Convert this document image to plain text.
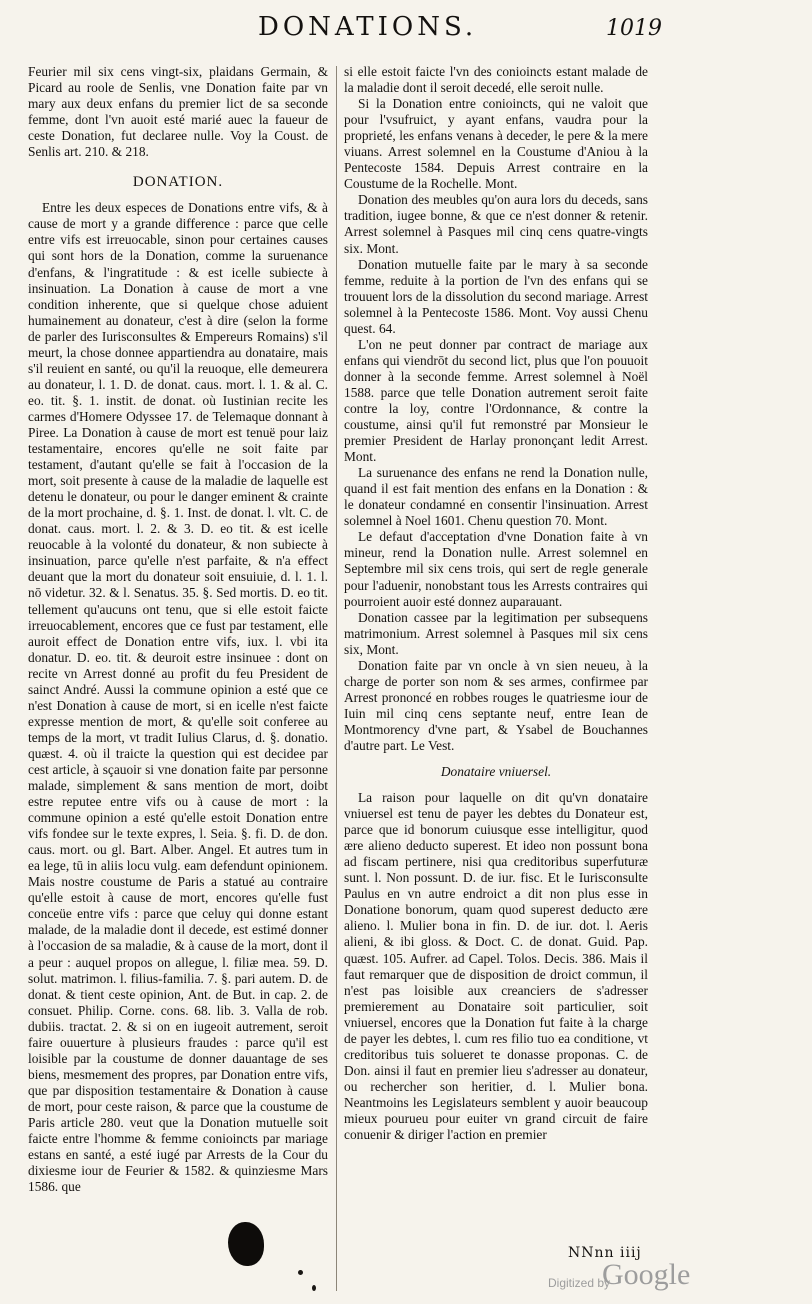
DONATIONS.	1019

Feurier mil six cens vingt-six, plaidans Germain, & Picard au roole de Senlis, vne Donation faite par vn mary aux deux enfans du premier lict de sa seconde femme, dont l'vn auoit esté marié auec la faueur de ceste Donation, fut declaree nulle. Voy la Coust. de Senlis art. 210. & 218.

DONATION.

Entre les deux especes de Donations entre vifs, & à cause de mort y a grande difference : parce que celle entre vifs est irreuocable, sinon pour certaines causes qui sont hors de la Donation, comme la suruenance d'enfans, & l'ingratitude : & est icelle subiecte à insinuation. La Donation à cause de mort a vne condition inherente, que si quelque chose aduient humainement au donateur, c'est à dire (selon la forme de parler des Iurisconsultes & Empereurs Romains) s'il meurt, la chose donnee appartiendra au donataire, mais s'il reuient en santé, ou qu'il la reuoque, elle demeurera au donateur, l. 1. D. de donat. caus. mort. l. 1. & al. C. eo. tit. §. 1. instit. de donat. où Iustinian recite les carmes d'Homere Odyssee 17. de Telemaque donnant à Piree. La Donation à cause de mort est tenuë pour laiz testamentaire, encores qu'elle ne soit faite par testament, d'autant qu'elle se fait à l'occasion de la mort, soit presente à cause de la maladie de laquelle est detenu le donateur, ou pour le danger eminent & crainte de la mort prochaine, d. §. 1. Inst. de donat. l. vlt. C. de donat. caus. mort. l. 2. & 3. D. eo tit. & est icelle reuocable à la volonté du donateur, & non subiecte à insinuation, parce qu'elle n'est parfaite, & n'a effect deuant que la mort du donateur soit ensuiuie, d. l. 1. l. nō videtur. 32. & l. Senatus. 35. §. Sed mortis. D. eo tit. tellement qu'aucuns ont tenu, que si elle estoit faicte irreuocablement, encores que ce fust par testament, elle auroit effect de Donation entre vifs, iux. l. vbi ita donatur. D. eo. tit. & deuroit estre insinuee : dont on recite vn Arrest donné au profit du feu President de sainct André. Aussi la commune opinion a esté que ce n'est Donation à cause de mort, si en icelle n'est faicte expresse mention de mort, & qu'elle soit conferee au temps de la mort, vt tradit Iulius Clarus, d. §. donatio. quæst. 4. où il traicte la question qui est decidee par cest article, à sçauoir si vne donation faite par personne malade, simplement & sans mention de mort, doibt estre reputee entre vifs ou à cause de mort : la commune opinion a esté qu'elle estoit Donation entre vifs fondee sur le texte expres, l. Seia. §. fi. D. de don. caus. mort. ou gl. Bart. Alber. Angel. Et autres tum in ea lege, tū in aliis locu vulg. eam defendunt opinionem. Mais nostre coustume de Paris a statué au contraire qu'elle estoit à cause de mort, encores qu'elle fust conceüe entre vifs : parce que celuy qui donne estant malade, de la maladie dont il decede, est estimé donner à l'occasion de sa maladie, & à cause de la mort, dont il a peur : auquel propos on allegue, l. filiæ mea. 59. D. solut. matrimon. l. filius-familia. 7. §. pari autem. D. de donat. & tient ceste opinion, Ant. de But. in cap. 2. de consuet. Philip. Corne. cons. 68. lib. 3. Valla de rob. dubiis. tractat. 2. & si on en iugeoit autrement, seroit faire ouuerture à plusieurs fraudes : parce qu'il est loisible par la coustume de donner dauantage de ses biens, mesmement des propres, par Donation entre vifs, que par disposition testamentaire & Donation à cause de mort, pour ceste raison, & parce que la coustume de Paris article 280. veut que la Donation mutuelle soit faicte entre l'homme & femme conioincts par mariage estans en santé, a esté iugé par Arrests de la Cour du dixiesme iour de Feurier & 1582. & quinziesme Mars 1586. que

si elle estoit faicte l'vn des conioincts estant malade de la maladie dont il seroit decedé, elle seroit nulle.

Si la Donation entre conioincts, qui ne valoit que pour l'vsufruict, y ayant enfans, vaudra pour la proprieté, les enfans venans à deceder, le pere & la mere viuans. Arrest solemnel en la Coustume d'Aniou à la Pentecoste 1584. Depuis Arrest contraire en la Coustume de la Rochelle. Mont.

Donation des meubles qu'on aura lors du deceds, sans tradition, iugee bonne, & que ce n'est donner & retenir. Arrest solemnel à Pasques mil cinq cens quatre-vingts six. Mont.

Donation mutuelle faite par le mary à sa seconde femme, reduite à la portion de l'vn des enfans qui se trouuent lors de la dissolution du second mariage. Arrest solemnel à la Pentecoste 1586. Mont. Voy aussi Chenu quest. 64.

L'on ne peut donner par contract de mariage aux enfans qui viendrōt du second lict, plus que l'on pouuoit donner à la seconde femme. Arrest solemnel à Noël 1588. parce que telle Donation autrement seroit faite contre la loy, contre l'Ordonnance, & contre la coustume, ainsi qu'il fut remonstré par Monsieur le premier President de Harlay prononçant ledit Arrest. Mont.

La suruenance des enfans ne rend la Donation nulle, quand il est fait mention des enfans en la Donation : & le donateur condamné en consentir l'insinuation. Arrest solemnel à Noel 1601. Chenu question 70. Mont.

Le defaut d'acceptation d'vne Donation faite à vn mineur, rend la Donation nulle. Arrest solemnel en Septembre mil six cens trois, qui sert de regle generale pour l'aduenir, nonobstant tous les Arrests contraires qui pourroient auoir esté donnez auparauant.

Donation cassee par la legitimation per subsequens matrimonium. Arrest solemnel à Pasques mil six cens six, Mont.

Donation faite par vn oncle à vn sien neueu, à la charge de porter son nom & ses armes, confirmee par Arrest prononcé en robbes rouges le quatriesme iour de Iuin mil cinq cens septante neuf, entre Iean de Montmorency d'vne part, & Ysabel de Bouchannes d'autre part. Le Vest.

Donataire vniuersel.

La raison pour laquelle on dit qu'vn donataire vniuersel est tenu de payer les debtes du Donateur est, parce que id bonorum cuiusque esse intelligitur, quod ære alieno deducto superest. Et ideo non possunt bona ad fiscam pertinere, nisi qua creditoribus superfuturæ sunt. l. Non possunt. D. de iur. fisc. Et le Iurisconsulte Paulus en vn autre endroict a dit non plus esse in Donatione bonorum, quam quod superest deducto ære alieno. l. Mulier bona in fin. D. de iur. dot. l. Aeris alieni, & ibi gloss. & Doct. C. de donat. Guid. Pap. quæst. 105. Aufrer. ad Capel. Tolos. Decis. 386. Mais il faut remarquer que de disposition de droict commun, il n'est pas loisible aux creanciers de s'adresser premierement au Donataire soit particulier, soit vniuersel, encores que la Donation fut faite à la charge de payer les debtes, l. cum res filio tuo ea conditione, vt creditoribus tuis solueret te donasse proponas. C. de Don. ainsi il faut en premier lieu s'adresser au donateur, ou rechercher son heritier, d. l. Mulier bona. Neantmoins les Legislateurs semblent y auoir beaucoup mieux pourueu pour euiter vn grand circuit de faire conuenir & diriger l'action en premier

NNnn iiij
Digitized by
Google
